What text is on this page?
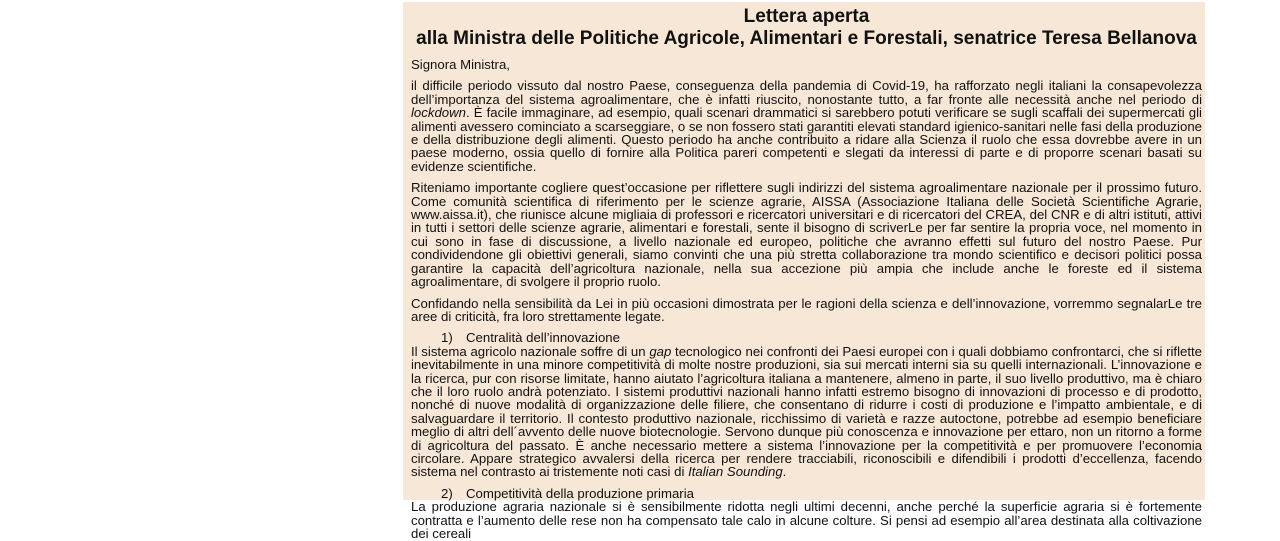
Lettera aperta
alla Ministra delle Politiche Agricole, Alimentari e Forestali, senatrice Teresa Bellanova

Signora Ministra,

il difficile periodo vissuto dal nostro Paese, conseguenza della pandemia di Covid-19, ha rafforzato negli italiani la consapevolezza dell’importanza del sistema agroalimentare, che è infatti riuscito, nonostante tutto, a far fronte alle necessità anche nel periodo di lockdown. È facile immaginare, ad esempio, quali scenari drammatici si sarebbero potuti verificare se sugli scaffali dei supermercati gli alimenti avessero cominciato a scarseggiare, o se non fossero stati garantiti elevati standard igienico-sanitari nelle fasi della produzione e della distribuzione degli alimenti. Questo periodo ha anche contribuito a ridare alla Scienza il ruolo che essa dovrebbe avere in un paese moderno, ossia quello di fornire alla Politica pareri competenti e slegati da interessi di parte e di proporre scenari basati su evidenze scientifiche.

Riteniamo importante cogliere quest’occasione per riflettere sugli indirizzi del sistema agroalimentare nazionale per il prossimo futuro. Come comunità scientifica di riferimento per le scienze agrarie, AISSA (Associazione Italiana delle Società Scientifiche Agrarie, www.aissa.it), che riunisce alcune migliaia di professori e ricercatori universitari e di ricercatori del CREA, del CNR e di altri istituti, attivi in tutti i settori delle scienze agrarie, alimentari e forestali, sente il bisogno di scriverLe per far sentire la propria voce, nel momento in cui sono in fase di discussione, a livello nazionale ed europeo, politiche che avranno effetti sul futuro del nostro Paese. Pur condividendone gli obiettivi generali, siamo convinti che una più stretta collaborazione tra mondo scientifico e decisori politici possa garantire la capacità dell’agricoltura nazionale, nella sua accezione più ampia che include anche le foreste ed il sistema agroalimentare, di svolgere il proprio ruolo.

Confidando nella sensibilità da Lei in più occasioni dimostrata per le ragioni della scienza e dell’innovazione, vorremmo segnalarLe tre aree di criticità, fra loro strettamente legate.

1) Centralità dell’innovazione

Il sistema agricolo nazionale soffre di un gap tecnologico nei confronti dei Paesi europei con i quali dobbiamo confrontarci, che si riflette inevitabilmente in una minore competitività di molte nostre produzioni, sia sui mercati interni sia su quelli internazionali. L’innovazione e la ricerca, pur con risorse limitate, hanno aiutato l’agricoltura italiana a mantenere, almeno in parte, il suo livello produttivo, ma è chiaro che il loro ruolo andrà potenziato. I sistemi produttivi nazionali hanno infatti estremo bisogno di innovazioni di processo e di prodotto, nonché di nuove modalità di organizzazione delle filiere, che consentano di ridurre i costi di produzione e l’impatto ambientale, e di salvaguardare il territorio. Il contesto produttivo nazionale, ricchissimo di varietà e razze autoctone, potrebbe ad esempio beneficiare meglio di altri dell´avvento delle nuove biotecnologie. Servono dunque più conoscenza e innovazione per ettaro, non un ritorno a forme di agricoltura del passato. È anche necessario mettere a sistema l’innovazione per la competitività e per promuovere l’economia circolare. Appare strategico avvalersi della ricerca per rendere tracciabili, riconoscibili e difendibili i prodotti d’eccellenza, facendo sistema nel contrasto ai tristemente noti casi di Italian Sounding.

2) Competitività della produzione primaria

La produzione agraria nazionale si è sensibilmente ridotta negli ultimi decenni, anche perché la superficie agraria si è fortemente contratta e l’aumento delle rese non ha compensato tale calo in alcune colture. Si pensi ad esempio all’area destinata alla coltivazione dei cereali
